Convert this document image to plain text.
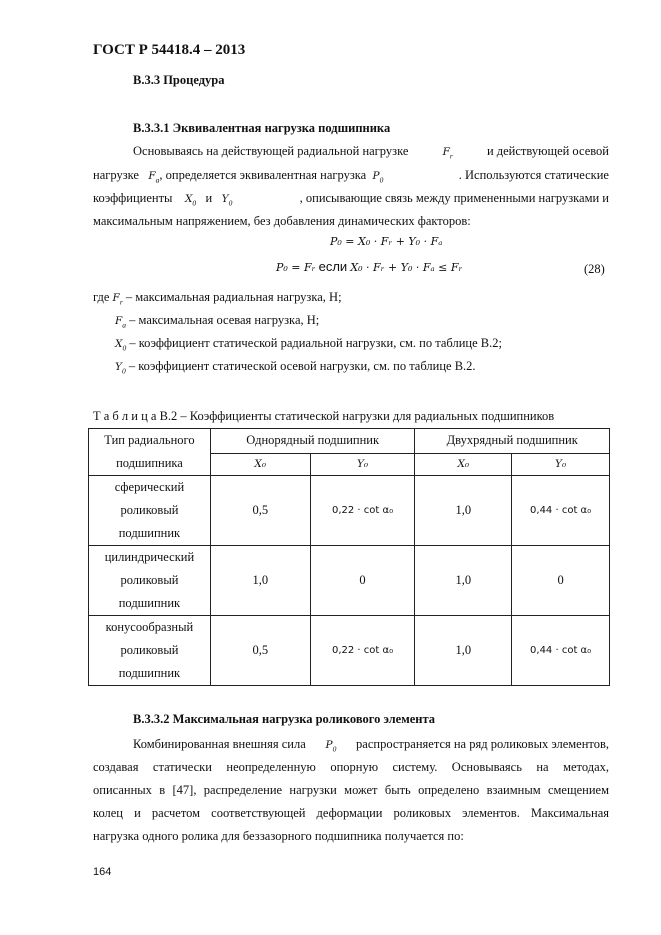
ГОСТ Р 54418.4 – 2013
В.3.3 Процедура
В.3.3.1 Эквивалентная нагрузка подшипника
Основываясь на действующей радиальной нагрузке	$F_r$	и действующей осевой
нагрузке $F_a$, определяется эквивалентная нагрузка $P_0$	. Используются статические
коэффициенты $X_0$ и $Y_0$	, описывающие связь между примененными нагрузками и
максимальным напряжением, без добавления динамических факторов:
P₀ = X₀ · Fᵣ + Y₀ · Fₐ
P₀ = Fᵣ если X₀ · Fᵣ + Y₀ · Fₐ ≤ Fᵣ	(28)
где $F_r$ – максимальная радиальная нагрузка, Н;
$F_a$ – максимальная осевая нагрузка, Н;
$X_0$ – коэффициент статической радиальной нагрузки, см. по таблице В.2;
$Y_0$ – коэффициент статической осевой нагрузки, см. по таблице В.2.
Т а б л и ц а В.2 – Коэффициенты статической нагрузки для радиальных подшипников
Тип радиального
подшипника	Однорядный подшипник		Двухрядный подшипник	
	X₀	Y₀	X₀	Y₀

сферический
роликовый
подшипник	0,5	0,22 · cot α₀	1,0	0,44 · cot α₀

цилиндрический
роликовый
подшипник	1,0	0	1,0	0

конусообразный
роликовый
подшипник	0,5	0,22 · cot α₀	1,0	0,44 · cot α₀
В.3.3.2 Максимальная нагрузка роликового элемента
Комбинированная внешняя сила $P_0$ распространяется на ряд роликовых элементов,
создавая статически неопределенную опорную систему. Основываясь на методах,
описанных в [47], распределение нагрузки может быть определено взаимным смещением
колец и расчетом соответствующей деформации роликовых элементов. Максимальная
нагрузка одного ролика для беззазорного подшипника получается по:
164
